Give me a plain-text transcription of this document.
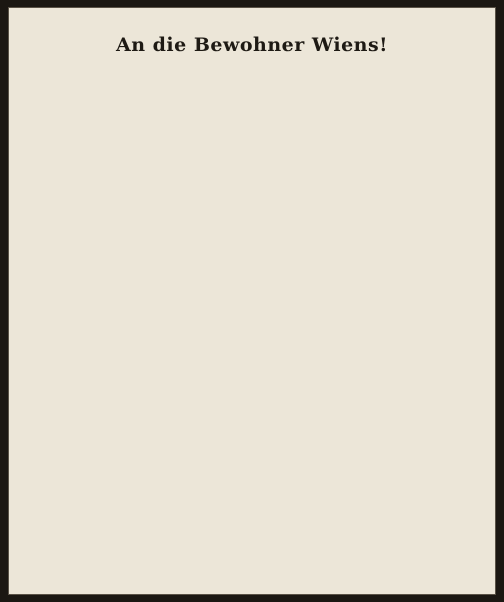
An die Bewohner Wiens!
